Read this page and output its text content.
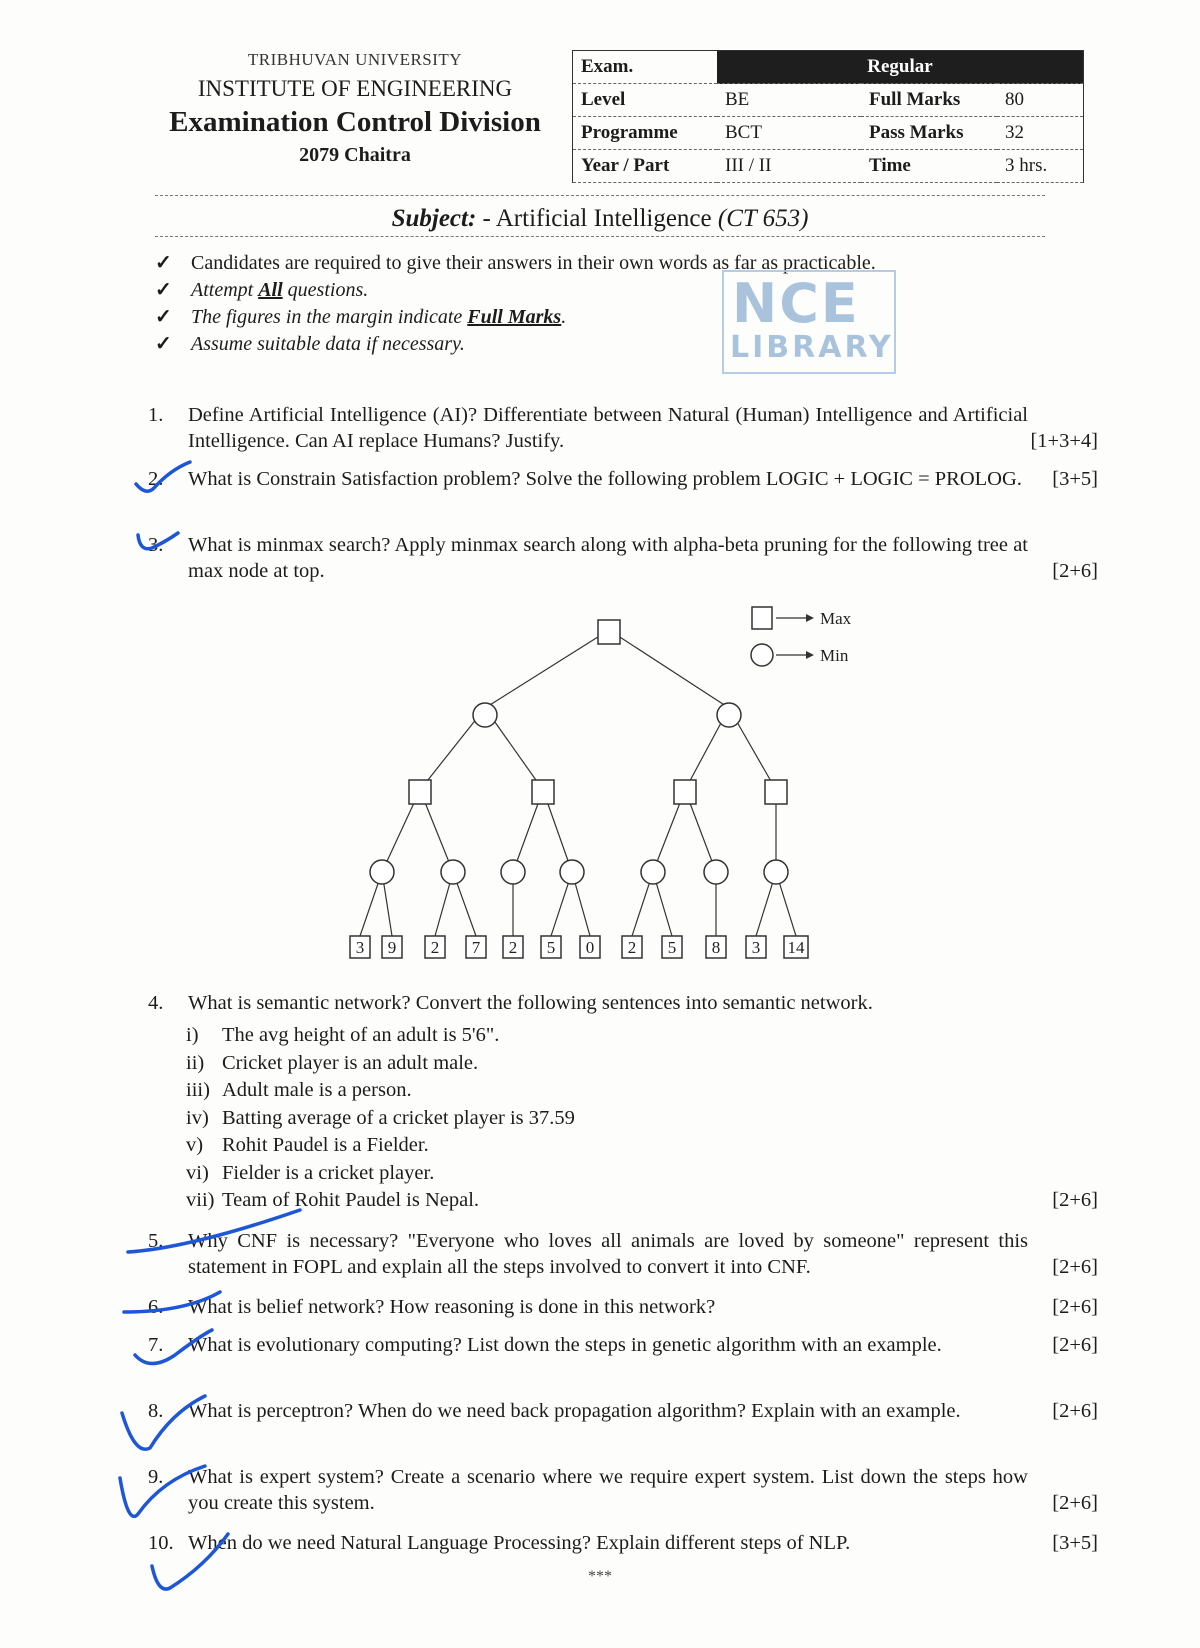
TRIBHUVAN UNIVERSITY
INSTITUTE OF ENGINEERING
Examination Control Division
2079 Chaitra
Exam.	Regular		
Level	BE	Full Marks	80
Programme	BCT	Pass Marks	32
Year / Part	III / II	Time	3 hrs.
Subject: - Artificial Intelligence (CT 653)
✓ Candidates are required to give their answers in their own words as far as practicable.
✓ Attempt All questions.
✓ The figures in the margin indicate Full Marks.
✓ Assume suitable data if necessary.
NCE
LIBRARY
1.	Define Artificial Intelligence (AI)? Differentiate between Natural (Human) Intelligence and Artificial Intelligence. Can AI replace Humans? Justify.	[1+3+4]
2.	What is Constrain Satisfaction problem? Solve the following problem LOGIC + LOGIC = PROLOG. [3+5]
3.	What is minmax search? Apply minmax search along with alpha-beta pruning for the following tree at max node at top.	[2+6]
3 9 2 7 2 5 0 2 5 8 3 14
Max
Min
4.	What is semantic network? Convert the following sentences into semantic network.
i) The avg height of an adult is 5'6".
ii) Cricket player is an adult male.
iii) Adult male is a person.
iv) Batting average of a cricket player is 37.59
v) Rohit Paudel is a Fielder.
vi) Fielder is a cricket player.
vii) Team of Rohit Paudel is Nepal.	[2+6]
5.	Why CNF is necessary? "Everyone who loves all animals are loved by someone" represent this statement in FOPL and explain all the steps involved to convert it into CNF.	[2+6]
6.	What is belief network? How reasoning is done in this network?	[2+6]
7.	What is evolutionary computing? List down the steps in genetic algorithm with an example.	[2+6]
8.	What is perceptron? When do we need back propagation algorithm? Explain with an example.	[2+6]
9.	What is expert system? Create a scenario where we require expert system. List down the steps how you create this system.	[2+6]
10. When do we need Natural Language Processing? Explain different steps of NLP.	[3+5]
***
